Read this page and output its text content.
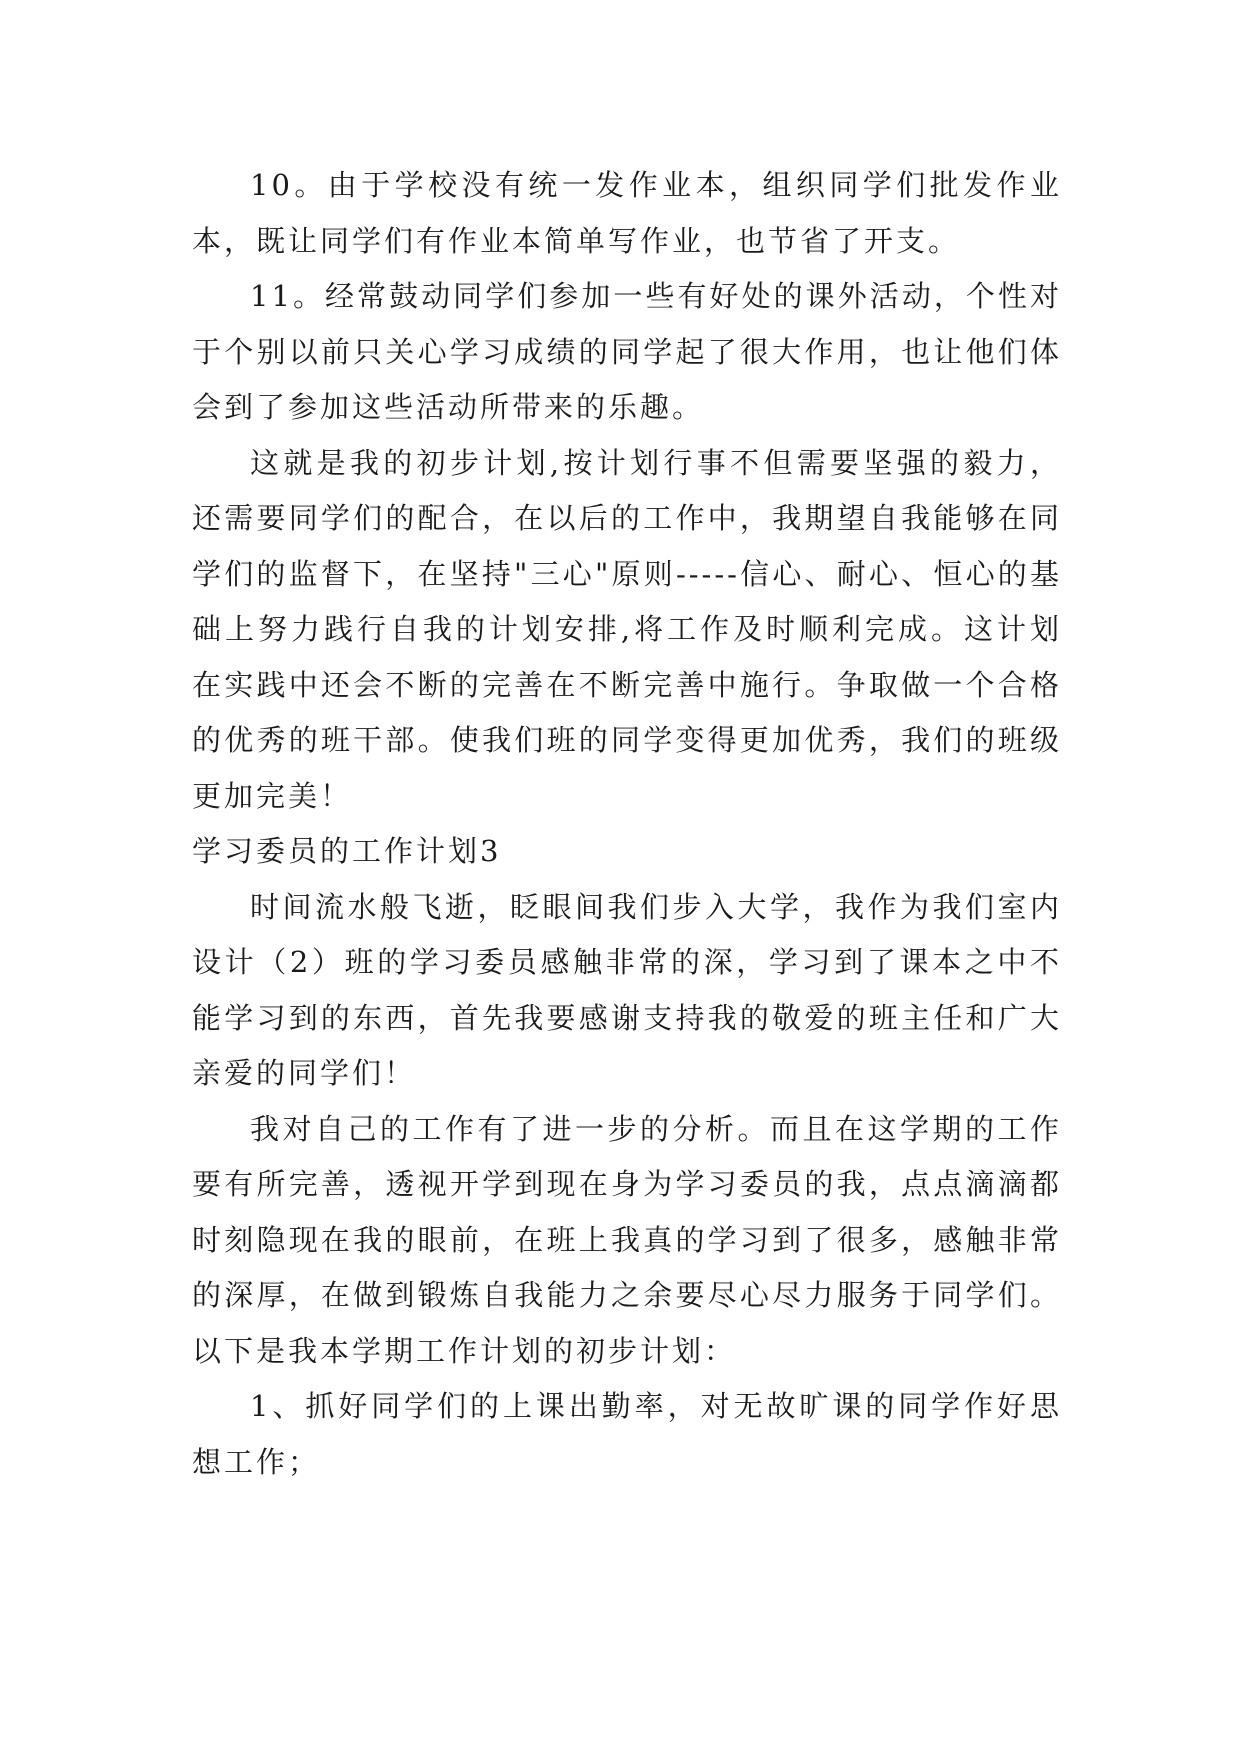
10。由于学校没有统一发作业本，组织同学们批发作业本，既让同学们有作业本简单写作业，也节省了开支。

11。经常鼓动同学们参加一些有好处的课外活动，个性对于个别以前只关心学习成绩的同学起了很大作用，也让他们体会到了参加这些活动所带来的乐趣。

这就是我的初步计划,按计划行事不但需要坚强的毅力，还需要同学们的配合，在以后的工作中，我期望自我能够在同学们的监督下，在坚持"三心"原则-----信心、耐心、恒心的基础上努力践行自我的计划安排,将工作及时顺利完成。这计划在实践中还会不断的完善在不断完善中施行。争取做一个合格的优秀的班干部。使我们班的同学变得更加优秀，我们的班级更加完美！

学习委员的工作计划3

时间流水般飞逝，眨眼间我们步入大学，我作为我们室内设计（2）班的学习委员感触非常的深，学习到了课本之中不能学习到的东西，首先我要感谢支持我的敬爱的班主任和广大亲爱的同学们！

我对自己的工作有了进一步的分析。而且在这学期的工作要有所完善，透视开学到现在身为学习委员的我，点点滴滴都时刻隐现在我的眼前，在班上我真的学习到了很多，感触非常的深厚，在做到锻炼自我能力之余要尽心尽力服务于同学们。以下是我本学期工作计划的初步计划：

1、抓好同学们的上课出勤率，对无故旷课的同学作好思想工作；
